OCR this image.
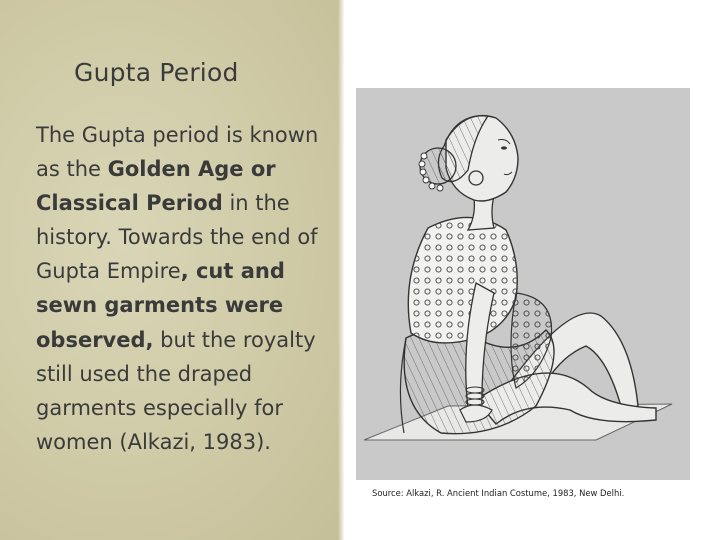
Gupta Period

The Gupta period is known as the Golden Age or Classical Period in the history. Towards the end of Gupta Empire, cut and sewn garments were observed, but the royalty still used the draped garments especially for women (Alkazi, 1983).

Source: Alkazi, R. Ancient Indian Costume, 1983, New Delhi.
